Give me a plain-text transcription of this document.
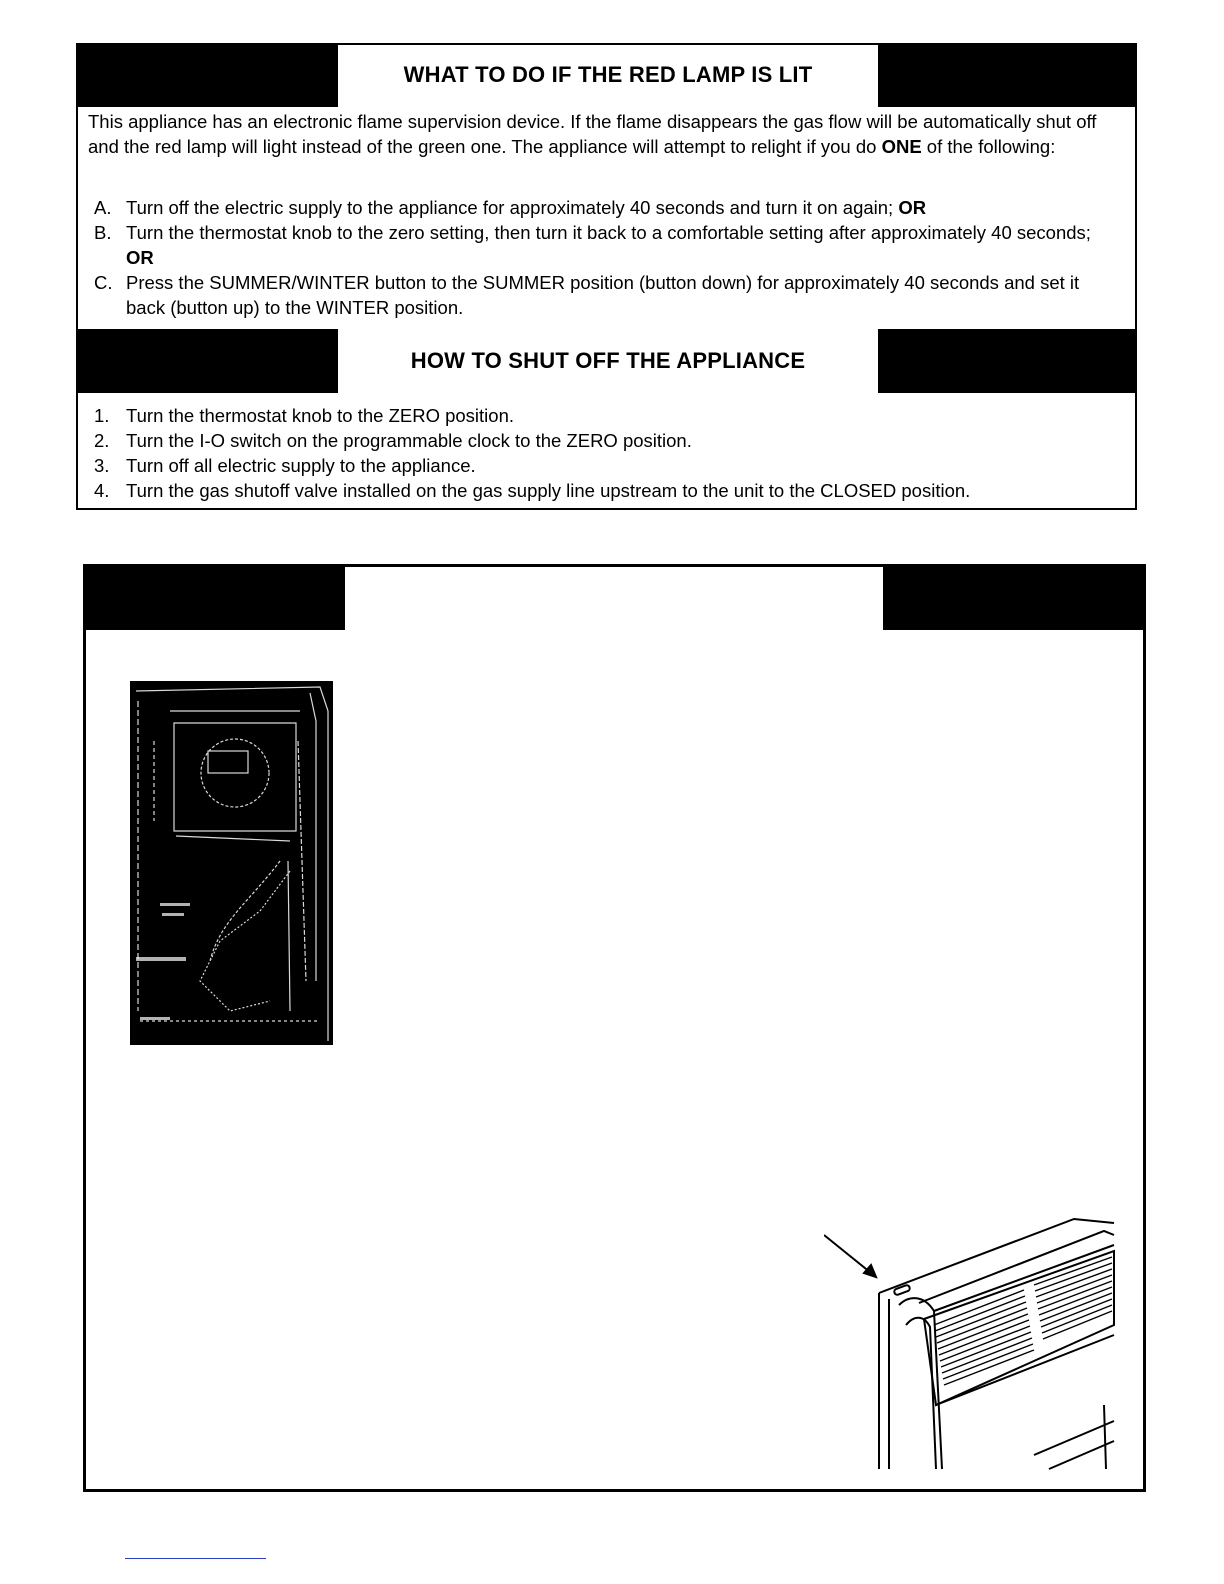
WHAT TO DO IF THE RED LAMP IS LIT
This appliance has an electronic flame supervision device. If the flame disappears the gas flow will be automatically shut off and the red lamp will light instead of the green one. The appliance will attempt to relight if you do ONE of the following:
A. Turn off the electric supply to the appliance for approximately 40 seconds and turn it on again; OR
B. Turn the thermostat knob to the zero setting, then turn it back to a comfortable setting after approximately 40 seconds; OR
C. Press the SUMMER/WINTER button to the SUMMER position (button down) for approximately 40 seconds and set it back (button up) to the WINTER position.
HOW TO SHUT OFF THE APPLIANCE
1. Turn the thermostat knob to the ZERO position.
2. Turn the I-O switch on the programmable clock to the ZERO position.
3. Turn off all electric supply to the appliance.
4. Turn the gas shutoff valve installed on the gas supply line upstream to the unit to the CLOSED position.
